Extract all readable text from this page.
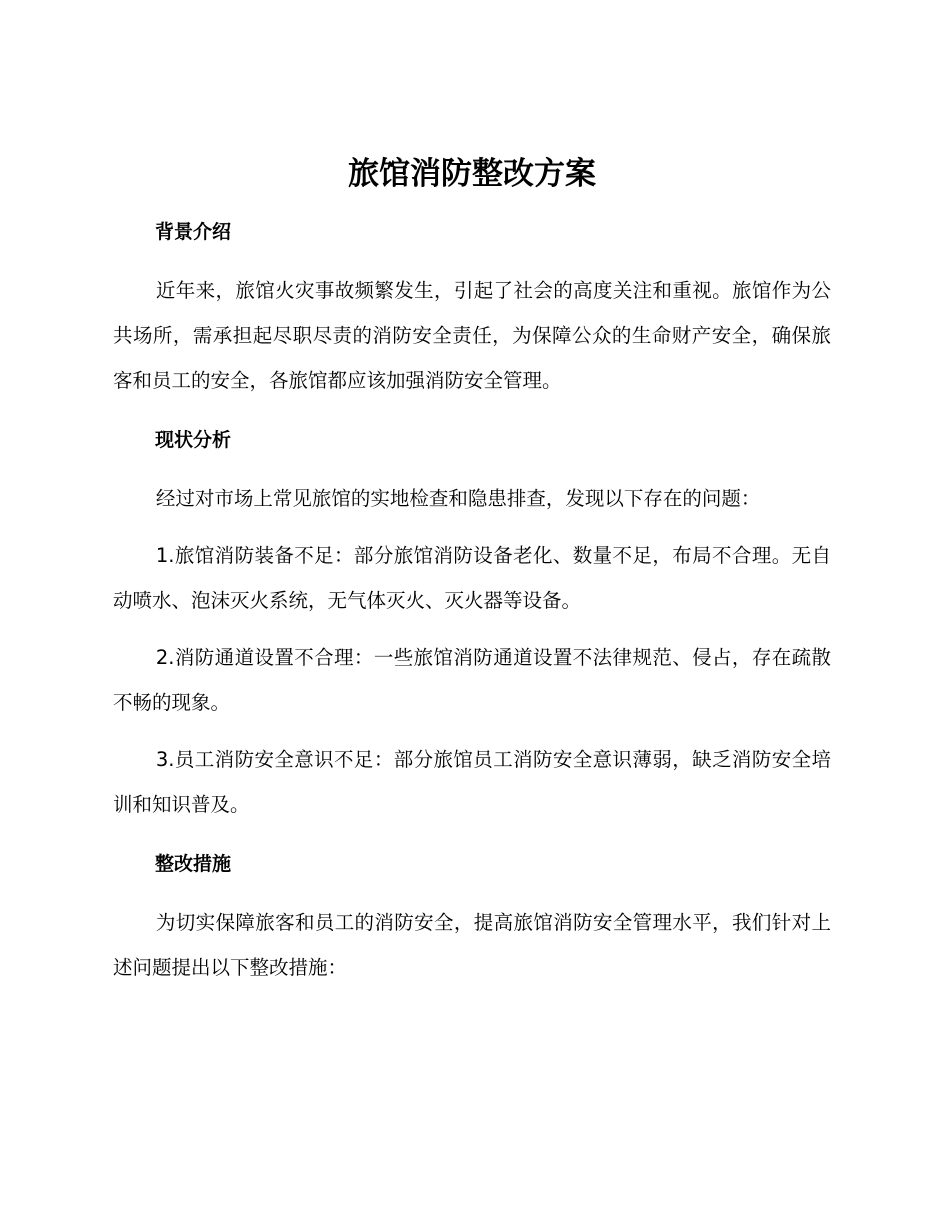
旅馆消防整改方案
背景介绍

近年来，旅馆火灾事故频繁发生，引起了社会的高度关注和重视。旅馆作为公共场所，需承担起尽职尽责的消防安全责任，为保障公众的生命财产安全，确保旅客和员工的安全，各旅馆都应该加强消防安全管理。

现状分析

经过对市场上常见旅馆的实地检查和隐患排查，发现以下存在的问题：

1.旅馆消防装备不足：部分旅馆消防设备老化、数量不足，布局不合理。无自动喷水、泡沫灭火系统，无气体灭火、灭火器等设备。

2.消防通道设置不合理：一些旅馆消防通道设置不法律规范、侵占，存在疏散不畅的现象。

3.员工消防安全意识不足：部分旅馆员工消防安全意识薄弱，缺乏消防安全培训和知识普及。

整改措施

为切实保障旅客和员工的消防安全，提高旅馆消防安全管理水平，我们针对上述问题提出以下整改措施：
